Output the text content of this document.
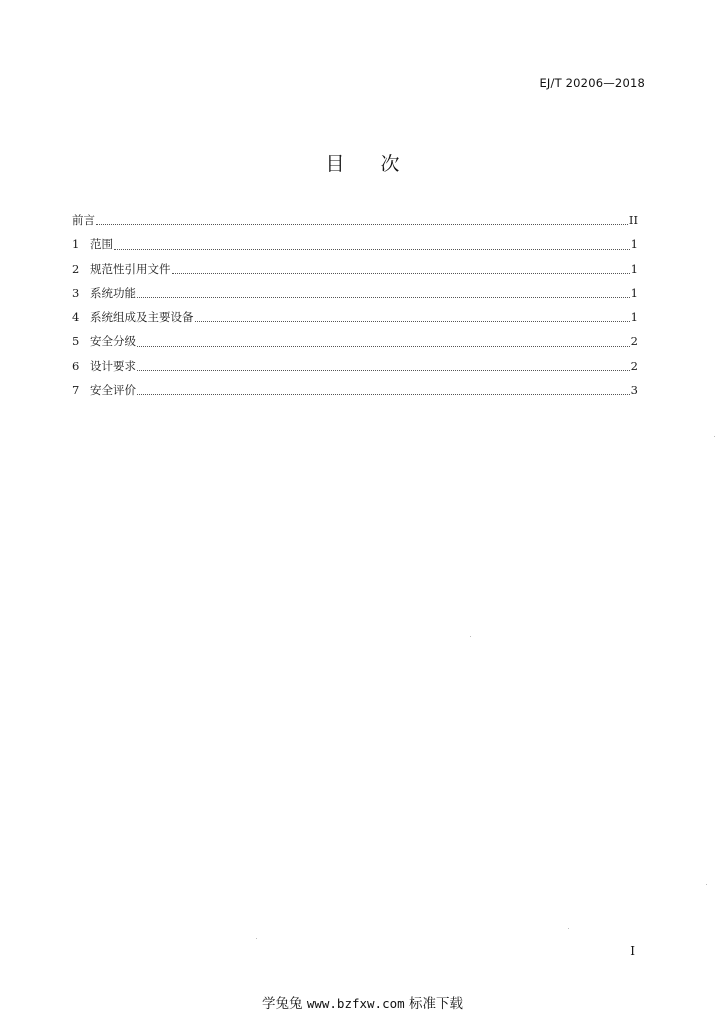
EJ/T 20206—2018
目 次
前言	II
1 范围	1
2 规范性引用文件	1
3 系统功能	1
4 系统组成及主要设备	1
5 安全分级	2
6 设计要求	2
7 安全评价	3
I
学兔兔 www.bzfxw.com 标准下载
